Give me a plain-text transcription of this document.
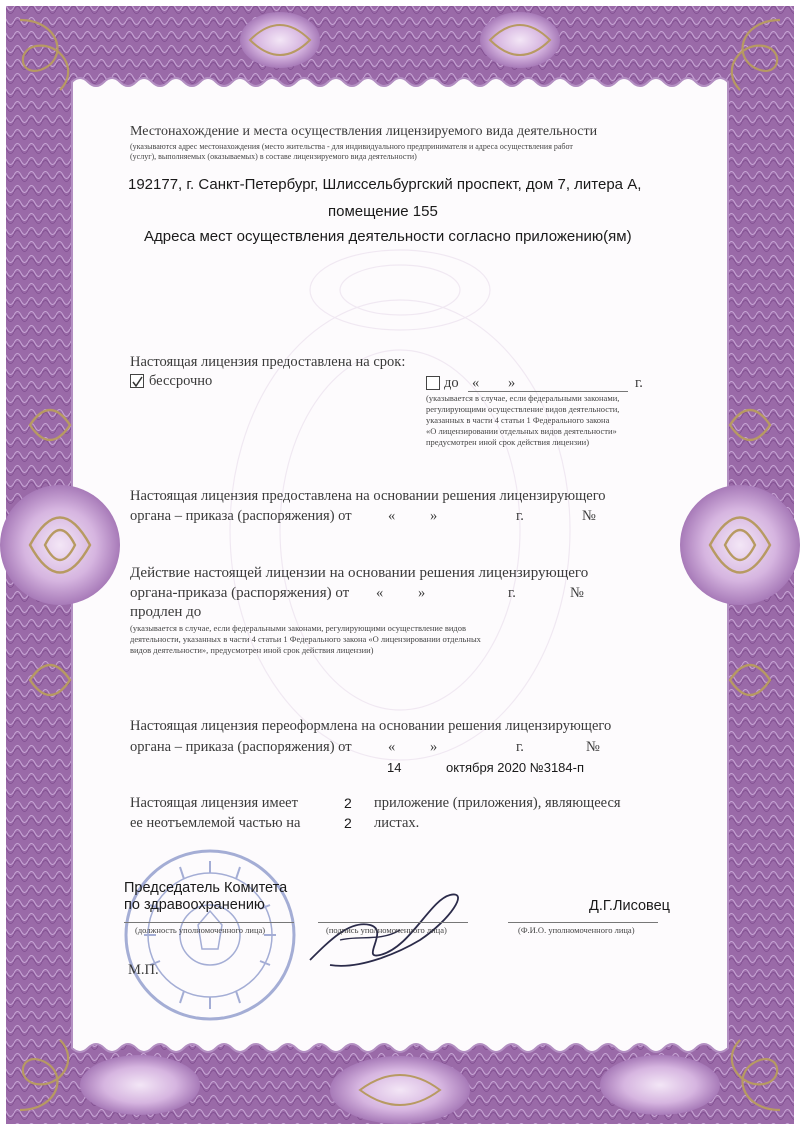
Местонахождение и места осуществления лицензируемого вида деятельности
(указываются адрес местонахождения (место жительства - для индивидуального предпринимателя и адреса осуществления работ
(услуг), выполняемых (оказываемых) в составе лицензируемого вида деятельности)
192177, г. Санкт-Петербург, Шлиссельбургский проспект, дом 7, литера А,
помещение 155
Адреса мест осуществления деятельности согласно приложению(ям)
Настоящая лицензия предоставлена на срок:
бессрочно	до « »	г.
(указывается в случае, если федеральными законами,
регулирующими осуществление видов деятельности,
указанных в части 4 статьи 1 Федерального закона
«О лицензировании отдельных видов деятельности»
предусмотрен иной срок действия лицензии)
Настоящая лицензия предоставлена на основании решения лицензирующего
органа – приказа (распоряжения) от	« »	г.	№
Действие настоящей лицензии на основании решения лицензирующего
органа-приказа (распоряжения) от « »	г.	№
продлен до
(указывается в случае, если федеральными законами, регулирующими осуществление видов
деятельности, указанных в части 4 статьи 1 Федерального закона «О лицензировании отдельных
видов деятельности», предусмотрен иной срок действия лицензии)
Настоящая лицензия переоформлена на основании решения лицензирующего
органа – приказа (распоряжения) от	« »	г.	№
14	октября 2020 №3184-п
Настоящая лицензия имеет	2 приложение (приложения), являющееся
ее неотъемлемой частью на	2 листах.
Председатель Комитета
по здравоохранению
(должность уполномоченного лица)	(подпись уполномоченного лица)
Д.Г.Лисовец
(Ф.И.О. уполномоченного лица)
М.П.
